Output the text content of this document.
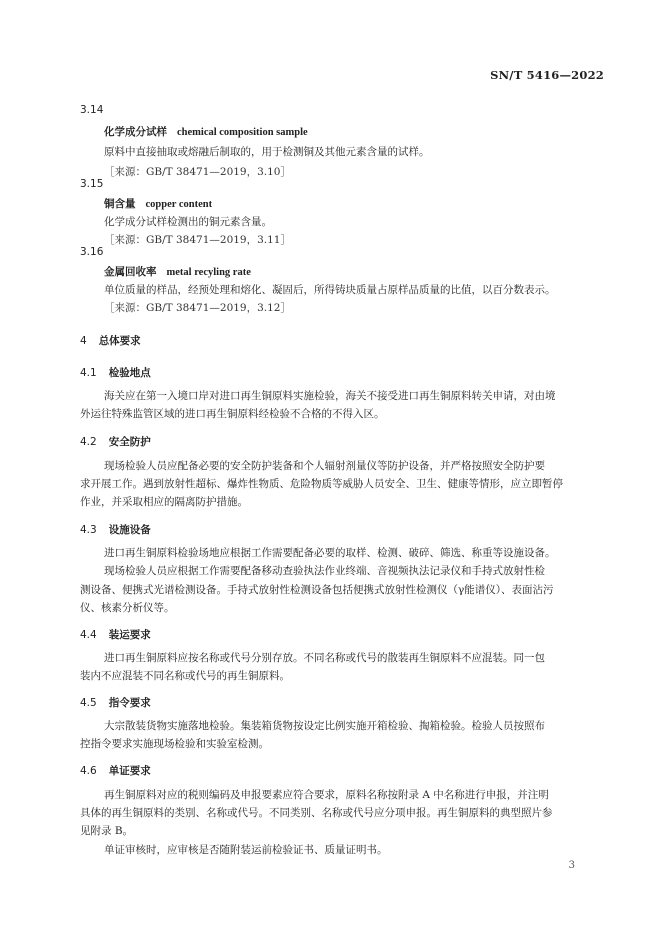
SN/T 5416—2022
3.14
化学成分试样 chemical composition sample
原料中直接抽取或熔融后制取的，用于检测铜及其他元素含量的试样。
［来源：GB/T 38471—2019，3.10］
3.15
铜含量 copper content
化学成分试样检测出的铜元素含量。
［来源：GB/T 38471—2019，3.11］
3.16
金属回收率 metal recyling rate
单位质量的样品，经预处理和熔化、凝固后，所得铸块质量占原样品质量的比值，以百分数表示。
［来源：GB/T 38471—2019，3.12］
4 总体要求
4.1 检验地点
海关应在第一入境口岸对进口再生铜原料实施检验，海关不接受进口再生铜原料转关申请，对由境
外运往特殊监管区域的进口再生铜原料经检验不合格的不得入区。
4.2 安全防护
现场检验人员应配备必要的安全防护装备和个人辐射剂量仪等防护设备，并严格按照安全防护要
求开展工作。遇到放射性超标、爆炸性物质、危险物质等威胁人员安全、卫生、健康等情形，应立即暂停
作业，并采取相应的隔离防护措施。
4.3 设施设备
进口再生铜原料检验场地应根据工作需要配备必要的取样、检测、破碎、筛选、称重等设施设备。
现场检验人员应根据工作需要配备移动查验执法作业终端、音视频执法记录仪和手持式放射性检
测设备、便携式光谱检测设备。手持式放射性检测设备包括便携式放射性检测仪（γ能谱仪）、表面沾污
仪、核素分析仪等。
4.4 装运要求
进口再生铜原料应按名称或代号分别存放。不同名称或代号的散装再生铜原料不应混装。同一包
装内不应混装不同名称或代号的再生铜原料。
4.5 指令要求
大宗散装货物实施落地检验。集装箱货物按设定比例实施开箱检验、掏箱检验。检验人员按照布
控指令要求实施现场检验和实验室检测。
4.6 单证要求
再生铜原料对应的税则编码及申报要素应符合要求，原料名称按附录 A 中名称进行申报，并注明
具体的再生铜原料的类别、名称或代号。不同类别、名称或代号应分项申报。再生铜原料的典型照片参
见附录 B。
单证审核时，应审核是否随附装运前检验证书、质量证明书。
3
